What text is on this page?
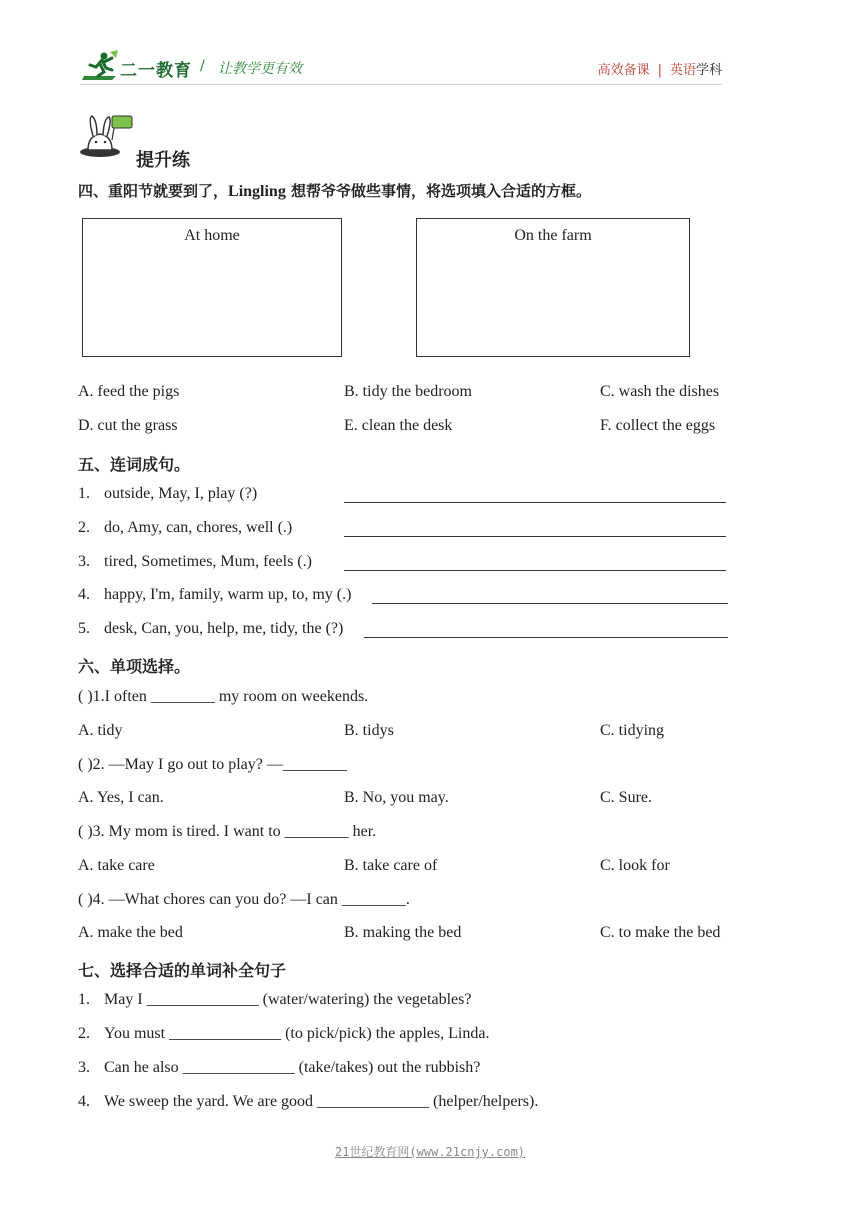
二一教育 / 让教学更有效	高效备课 | 英语学科
提升练
四、重阳节就要到了，Lingling 想帮爷爷做些事情，将选项填入合适的方框。
At home	On the farm
A. feed the pigs	B. tidy the bedroom	C. wash the dishes
D. cut the grass	E. clean the desk	F. collect the eggs
五、连词成句。
1. outside, May, I, play (?)
2. do, Amy, can, chores, well (.)
3. tired, Sometimes, Mum, feels (.)
4. happy, I'm, family, warm up, to, my (.)
5. desk, Can, you, help, me, tidy, the (?)
六、单项选择。
( )1.I often ________ my room on weekends.
A. tidy	B. tidys	C. tidying
( )2. —May I go out to play? —________
A. Yes, I can.	B. No, you may.	C. Sure.
( )3. My mom is tired. I want to ________ her.
A. take care	B. take care of	C. look for
( )4. —What chores can you do? —I can ________.
A. make the bed	B. making the bed	C. to make the bed
七、选择合适的单词补全句子
1. May I ______________ (water/watering) the vegetables?
2. You must ______________ (to pick/pick) the apples, Linda.
3. Can he also ______________ (take/takes) out the rubbish?
4. We sweep the yard. We are good ______________ (helper/helpers).
21世纪教育网(www.21cnjy.com)
